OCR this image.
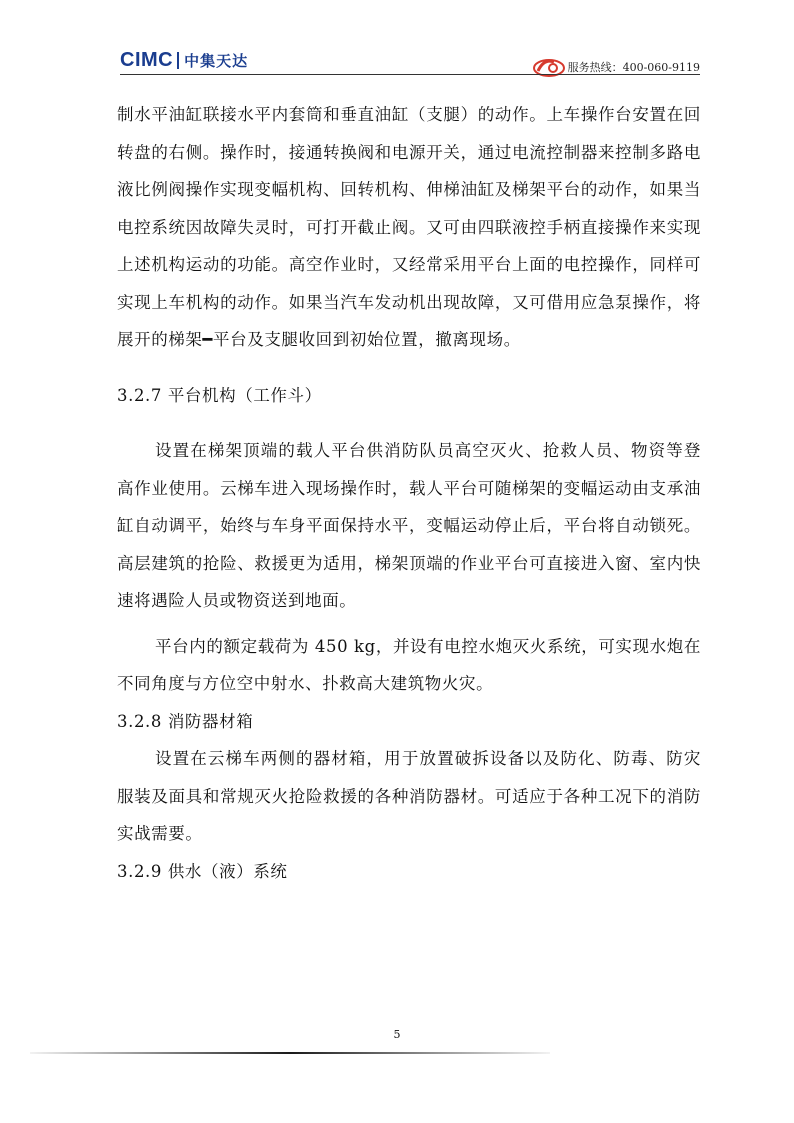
CIMC 中集天达	服务热线：400-060-9119

制水平油缸联接水平内套筒和垂直油缸（支腿）的动作。上车操作台安置在回转盘的右侧。操作时，接通转换阀和电源开关，通过电流控制器来控制多路电液比例阀操作实现变幅机构、回转机构、伸梯油缸及梯架平台的动作，如果当电控系统因故障失灵时，可打开截止阀。又可由四联液控手柄直接操作来实现上述机构运动的功能。高空作业时，又经常采用平台上面的电控操作，同样可实现上车机构的动作。如果当汽车发动机出现故障，又可借用应急泵操作，将展开的梯架━平台及支腿收回到初始位置，撤离现场。

3.2.7 平台机构（工作斗）

设置在梯架顶端的载人平台供消防队员高空灭火、抢救人员、物资等登高作业使用。云梯车进入现场操作时，载人平台可随梯架的变幅运动由支承油缸自动调平，始终与车身平面保持水平，变幅运动停止后，平台将自动锁死。高层建筑的抢险、救援更为适用，梯架顶端的作业平台可直接进入窗、室内快速将遇险人员或物资送到地面。

平台内的额定载荷为 450 kg，并设有电控水炮灭火系统，可实现水炮在不同角度与方位空中射水、扑救高大建筑物火灾。

3.2.8 消防器材箱

设置在云梯车两侧的器材箱，用于放置破拆设备以及防化、防毒、防灾服装及面具和常规灭火抢险救援的各种消防器材。可适应于各种工况下的消防实战需要。

3.2.9 供水（液）系统

5
